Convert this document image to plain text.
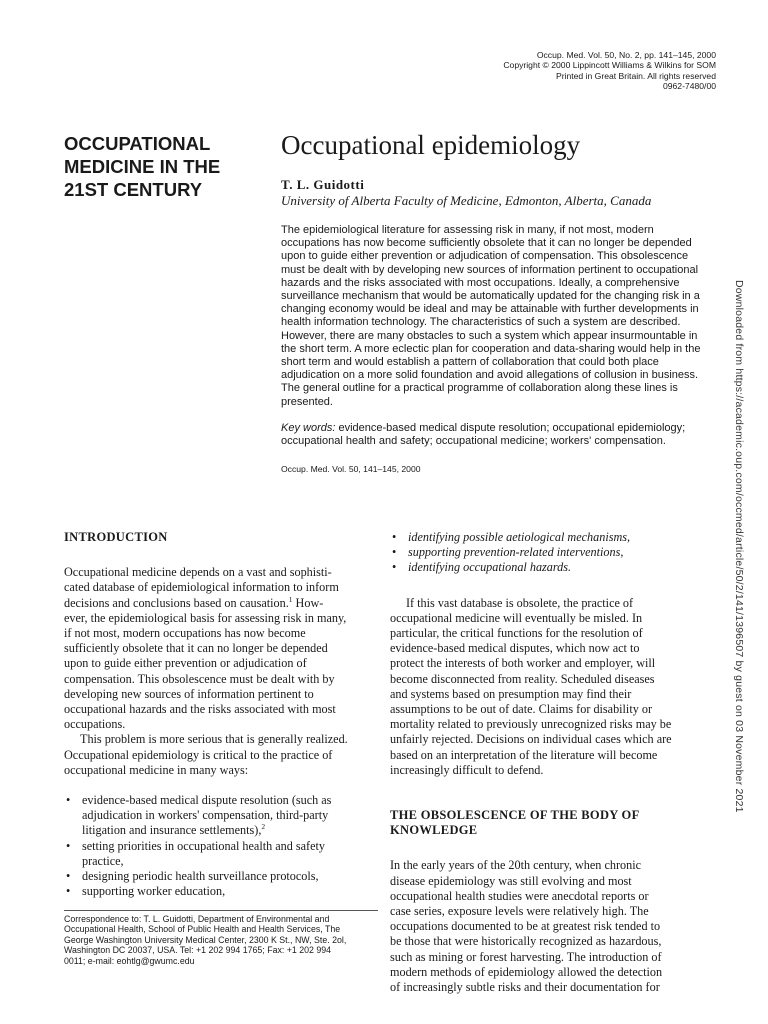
Occup. Med. Vol. 50, No. 2, pp. 141–145, 2000
Copyright © 2000 Lippincott Williams & Wilkins for SOM
Printed in Great Britain. All rights reserved
0962-7480/00
OCCUPATIONAL
MEDICINE IN THE
21ST CENTURY
Occupational epidemiology
T. L. Guidotti
University of Alberta Faculty of Medicine, Edmonton, Alberta, Canada
The epidemiological literature for assessing risk in many, if not most, modern
occupations has now become sufficiently obsolete that it can no longer be depended
upon to guide either prevention or adjudication of compensation. This obsolescence
must be dealt with by developing new sources of information pertinent to occupational
hazards and the risks associated with most occupations. Ideally, a comprehensive
surveillance mechanism that would be automatically updated for the changing risk in a
changing economy would be ideal and may be attainable with further developments in
health information technology. The characteristics of such a system are described.
However, there are many obstacles to such a system which appear insurmountable in
the short term. A more eclectic plan for cooperation and data-sharing would help in the
short term and would establish a pattern of collaboration that could both place
adjudication on a more solid foundation and avoid allegations of collusion in business.
The general outline for a practical programme of collaboration along these lines is
presented.
Key words: evidence-based medical dispute resolution; occupational epidemiology;
occupational health and safety; occupational medicine; workers' compensation.
Occup. Med. Vol. 50, 141–145, 2000	Downloaded from https://academic.oup.com/occmed/article/50/2/141/1396507 by guest on 03 November 2021
INTRODUCTION
Occupational medicine depends on a vast and sophisti-
cated database of epidemiological information to inform
decisions and conclusions based on causation.$^1$ How-
ever, the epidemiological basis for assessing risk in many,
if not most, modern occupations has now become
sufficiently obsolete that it can no longer be depended
upon to guide either prevention or adjudication of
compensation. This obsolescence must be dealt with by
developing new sources of information pertinent to
occupational hazards and the risks associated with most
occupations.
This problem is more serious that is generally realized.
Occupational epidemiology is critical to the practice of
occupational medicine in many ways:
• evidence-based medical dispute resolution (such as
adjudication in workers' compensation, third-party
litigation and insurance settlements),$^2$
• setting priorities in occupational health and safety
practice,
• designing periodic health surveillance protocols,
• supporting worker education,
Correspondence to: T. L. Guidotti, Department of Environmental and
Occupational Health, School of Public Health and Health Services, The
George Washington University Medical Center, 2300 K St., NW, Ste. 2ol,
Washington DC 20037, USA. Tel: +1 202 994 1765; Fax: +1 202 994
0011; e-mail: eohtlg@gwumc.edu
• identifying possible aetiological mechanisms,
• supporting prevention-related interventions,
• identifying occupational hazards.
If this vast database is obsolete, the practice of
occupational medicine will eventually be misled. In
particular, the critical functions for the resolution of
evidence-based medical disputes, which now act to
protect the interests of both worker and employer, will
become disconnected from reality. Scheduled diseases
and systems based on presumption may find their
assumptions to be out of date. Claims for disability or
mortality related to previously unrecognized risks may be
unfairly rejected. Decisions on individual cases which are
based on an interpretation of the literature will become
increasingly difficult to defend.
THE OBSOLESCENCE OF THE BODY OF
KNOWLEDGE
In the early years of the 20th century, when chronic
disease epidemiology was still evolving and most
occupational health studies were anecdotal reports or
case series, exposure levels were relatively high. The
occupations documented to be at greatest risk tended to
be those that were historically recognized as hazardous,
such as mining or forest harvesting. The introduction of
modern methods of epidemiology allowed the detection
of increasingly subtle risks and their documentation for
